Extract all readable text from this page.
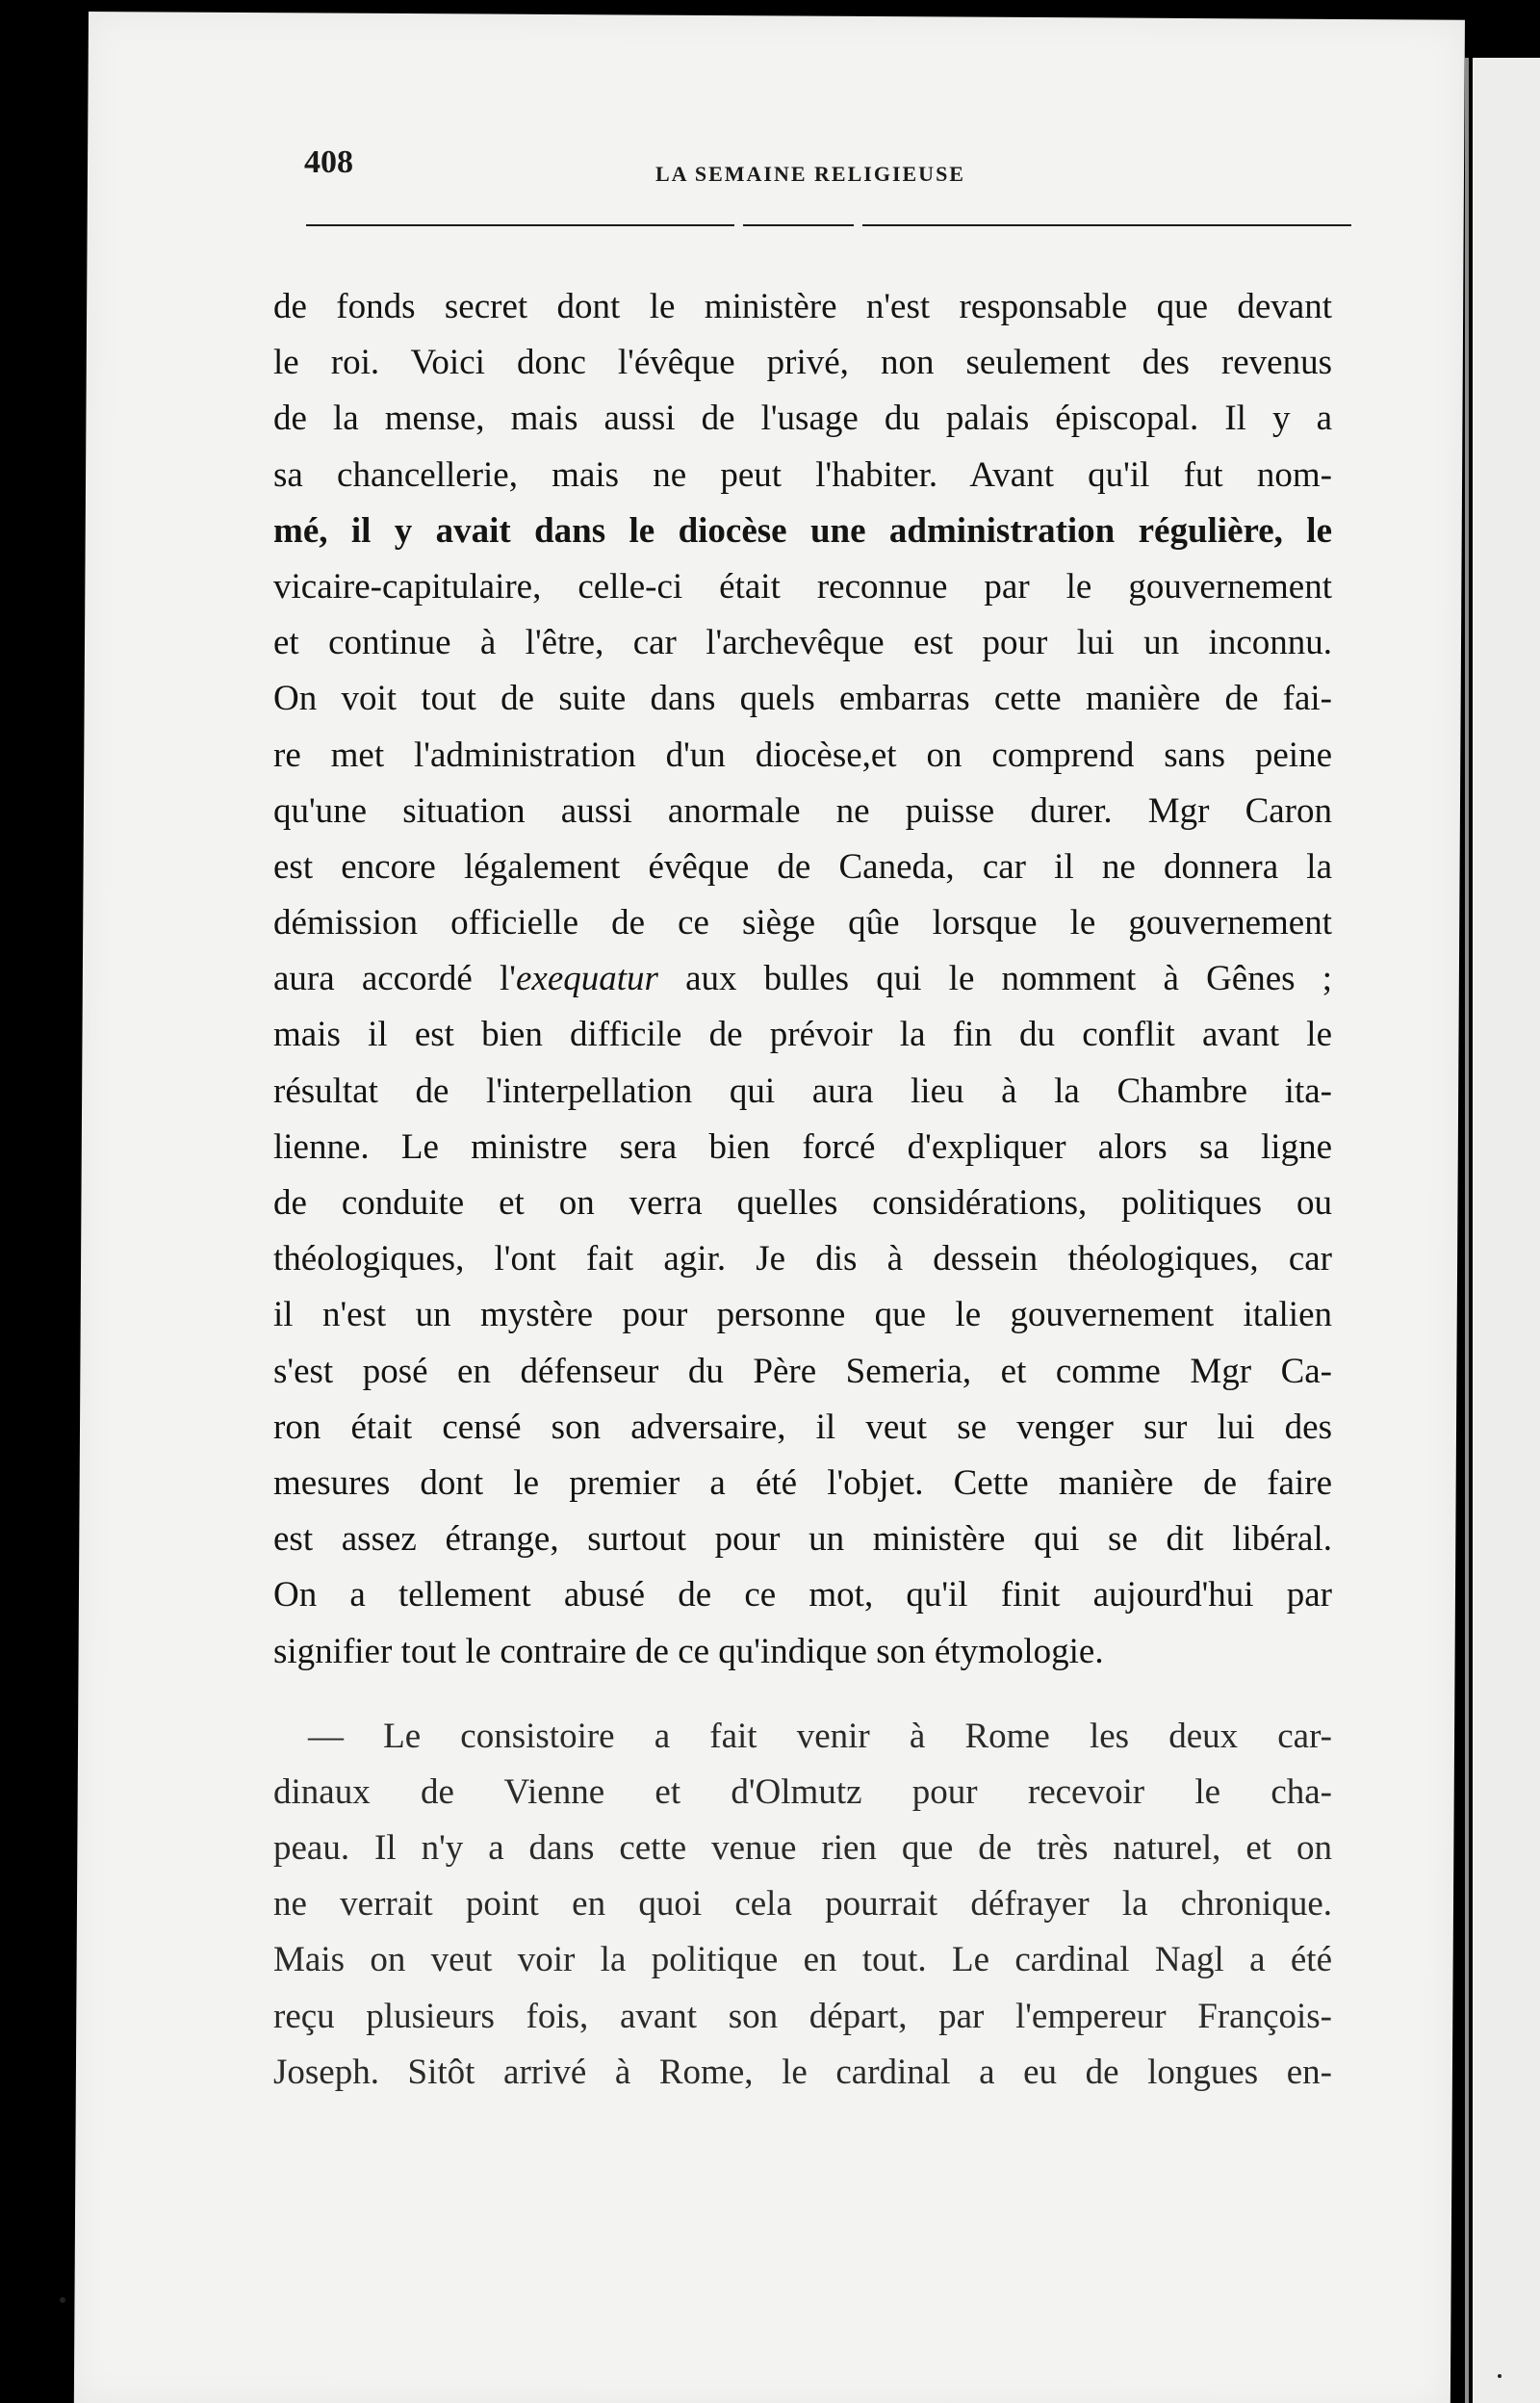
408	LA SEMAINE RELIGIEUSE
de fonds secret dont le ministère n'est responsable que devant
le roi. Voici donc l'évêque privé, non seulement des revenus
de la mense, mais aussi de l'usage du palais épiscopal. Il y a
sa chancellerie, mais ne peut l'habiter. Avant qu'il fut nom-
mé, il y avait dans le diocèse une administration régulière, le
vicaire-capitulaire, celle-ci était reconnue par le gouvernement
et continue à l'être, car l'archevêque est pour lui un inconnu.
On voit tout de suite dans quels embarras cette manière de fai-
re met l'administration d'un diocèse,et on comprend sans peine
qu'une situation aussi anormale ne puisse durer. Mgr Caron
est encore légalement évêque de Caneda, car il ne donnera la
démission officielle de ce siège qûe lorsque le gouvernement
aura accordé l'exequatur aux bulles qui le nomment à Gênes ;
mais il est bien difficile de prévoir la fin du conflit avant le
résultat de l'interpellation qui aura lieu à la Chambre ita-
lienne. Le ministre sera bien forcé d'expliquer alors sa ligne
de conduite et on verra quelles considérations, politiques ou
théologiques, l'ont fait agir. Je dis à dessein théologiques, car
il n'est un mystère pour personne que le gouvernement italien
s'est posé en défenseur du Père Semeria, et comme Mgr Ca-
ron était censé son adversaire, il veut se venger sur lui des
mesures dont le premier a été l'objet. Cette manière de faire
est assez étrange, surtout pour un ministère qui se dit libéral.
On a tellement abusé de ce mot, qu'il finit aujourd'hui par
signifier tout le contraire de ce qu'indique son étymologie.
— Le consistoire a fait venir à Rome les deux car-
dinaux de Vienne et d'Olmutz pour recevoir le cha-
peau. Il n'y a dans cette venue rien que de très naturel, et on
ne verrait point en quoi cela pourrait défrayer la chronique.
Mais on veut voir la politique en tout. Le cardinal Nagl a été
reçu plusieurs fois, avant son départ, par l'empereur François-
Joseph. Sitôt arrivé à Rome, le cardinal a eu de longues en-
